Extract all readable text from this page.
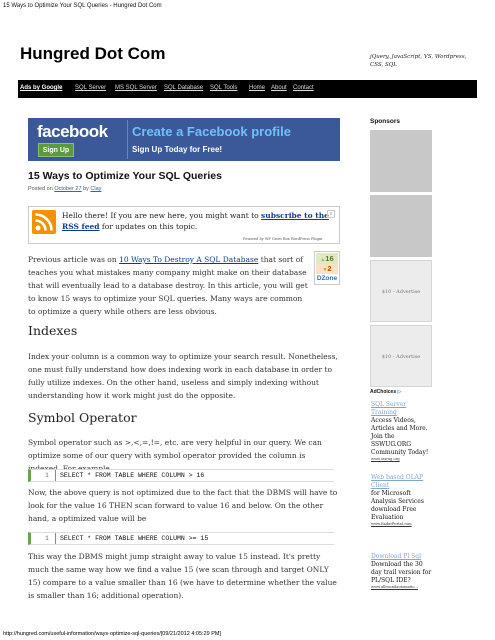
15 Ways to Optimize Your SQL Queries - Hungred Dot Com
Hungred Dot Com	jQuery, JavaScript, VS, Wordpress,
CSS, SQL
Ads by Google SQL Server MS SQL Server SQL Database SQL Tools Home About Contact
facebook
Sign Up
Create a Facebook profile
Sign Up Today for Free!
15 Ways to Optimize Your SQL Queries
Posted on October 27 by Clay
Hello there! If you are new here, you might want to subscribe to the RSS feed for updates on this topic.
x
Powered by WP Greet Box WordPress Plugin
▲16
▼2
DZone
Previous article was on 10 Ways To Destroy A SQL Database that sort of teaches you what mistakes many company might make on their database that will eventually lead to a database destroy. In this article, you will get to know 15 ways to optimize your SQL queries. Many ways are common to optimize a query while others are less obvious.
Indexes
Index your column is a common way to optimize your search result. Nonetheless, one must fully understand how does indexing work in each database in order to fully utilize indexes. On the other hand, useless and simply indexing without understanding how it work might just do the opposite.
Symbol Operator
Symbol operator such as >,<,=,!=, etc. are very helpful in our query. We can optimize some of our query with symbol operator provided the column is
1 SELECT * FROM TABLE WHERE COLUMN > 16
Now, the above query is not optimized due to the fact that the DBMS will have to look for the value 16 THEN scan forward to value 16 and below. On the other hand, a optimized value will be
1 SELECT * FROM TABLE WHERE COLUMN >= 15
This way the DBMS might jump straight away to value 15 instead. It's pretty much the same way how we find a value 15 (we scan through and target ONLY 15) compare to a value smaller than 16 (we have to determine whether the value is smaller than 16; additional operation).
Sponsors
$10 - Advertise
$10 - Advertise
AdChoices ▷
SQL Server Training
Access Videos, Articles and More. Join the SSWUG.ORG Community Today!
www.sswug.org
Web based OLAP Client
for Microsoft Analysis Services download Free Evaluation
www.RadarPortal.com
Download Pl Sql
Download the 30 day trail version for PL/SQL IDE?
www.allroundautomatio...
http://hungred.com/useful-information/ways-optimize-sql-queries/[09/21/2012 4:05:29 PM]
